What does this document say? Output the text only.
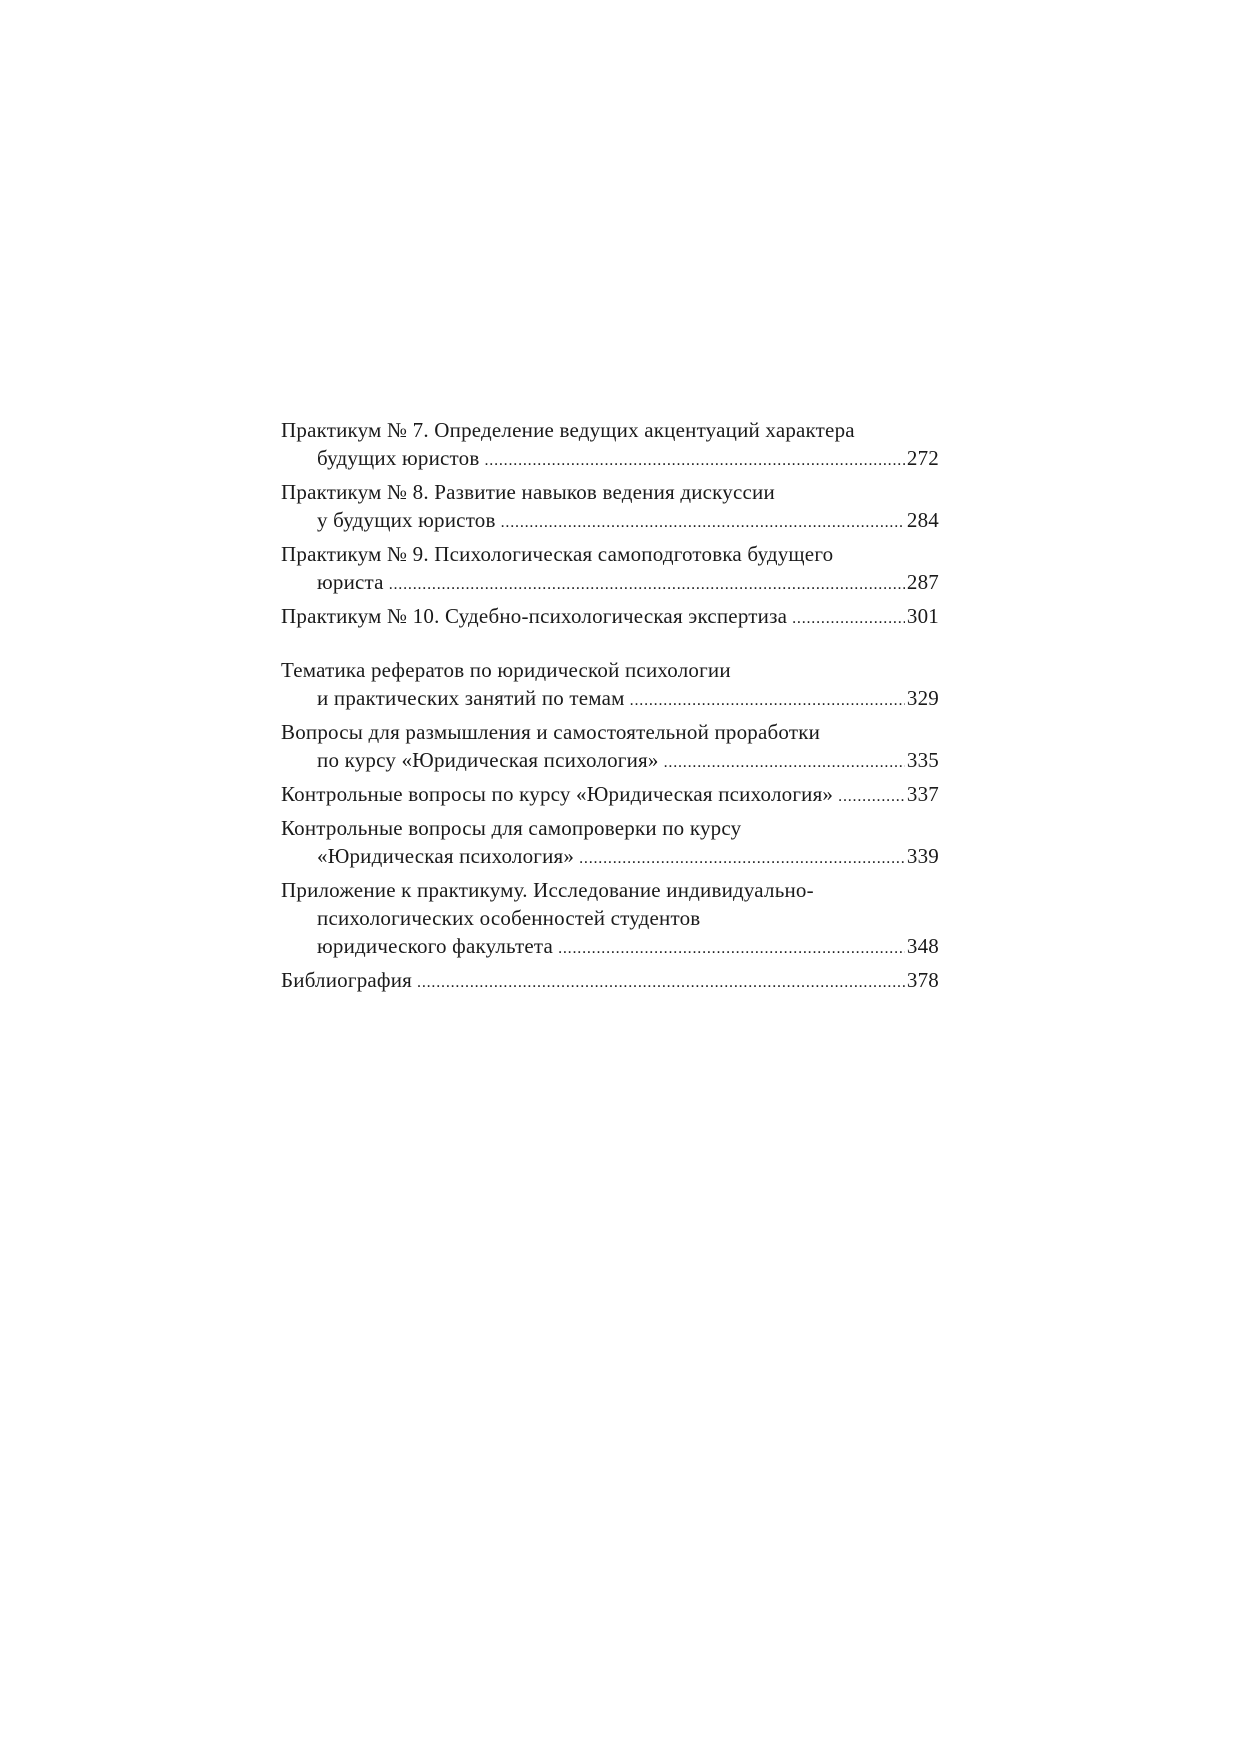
Практикум № 7. Определение ведущих акцентуаций характера
будущих юристов . . .	272
Практикум № 8. Развитие навыков ведения дискуссии
у будущих юристов . . .	284
Практикум № 9. Психологическая самоподготовка будущего
юриста . . .	287
Практикум № 10. Судебно-психологическая экспертиза . . .	301
Тематика рефератов по юридической психологии
и практических занятий по темам . . .	329
Вопросы для размышления и самостоятельной проработки
по курсу «Юридическая психология» . . .	335
Контрольные вопросы по курсу «Юридическая психология» . . .	337
Контрольные вопросы для самопроверки по курсу
«Юридическая психология» . . .	339
Приложение к практикуму. Исследование индивидуально-
психологических особенностей студентов
юридического факультета . . .	348
Библиография . . .	378
